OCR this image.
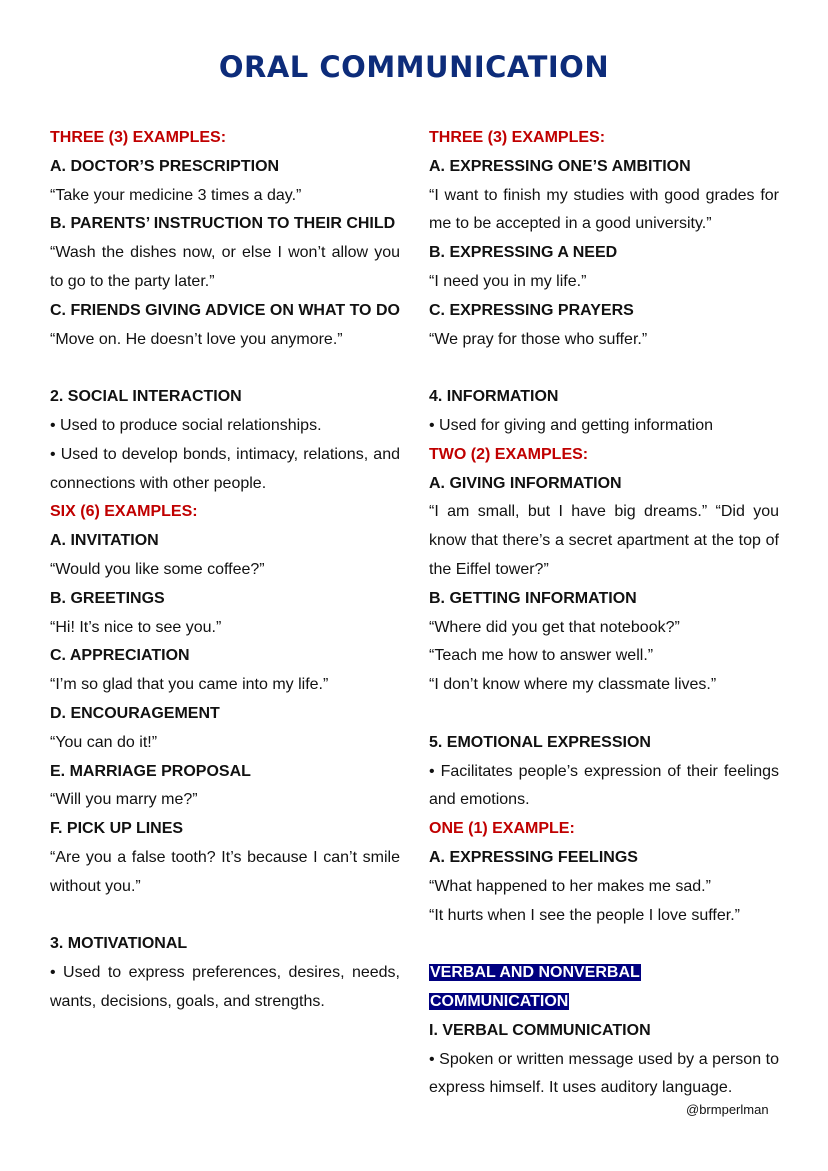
ORAL COMMUNICATION

THREE (3) EXAMPLES:

A. DOCTOR’S PRESCRIPTION

“Take your medicine 3 times a day.”

B. PARENTS’ INSTRUCTION TO THEIR CHILD

“Wash the dishes now, or else I won’t allow you to go to the party later.”

C. FRIENDS GIVING ADVICE ON WHAT TO DO

“Move on. He doesn’t love you anymore.”

2. SOCIAL INTERACTION

• Used to produce social relationships.

• Used to develop bonds, intimacy, relations, and connections with other people.

SIX (6) EXAMPLES:

A. INVITATION

“Would you like some coffee?”

B. GREETINGS

“Hi! It’s nice to see you.”

C. APPRECIATION

“I’m so glad that you came into my life.”

D. ENCOURAGEMENT

“You can do it!”

E. MARRIAGE PROPOSAL

“Will you marry me?”

F. PICK UP LINES

“Are you a false tooth? It’s because I can’t smile without you.”

3. MOTIVATIONAL

• Used to express preferences, desires, needs, wants, decisions, goals, and strengths.

THREE (3) EXAMPLES:

A. EXPRESSING ONE’S AMBITION

“I want to finish my studies with good grades for me to be accepted in a good university.”

B. EXPRESSING A NEED

“I need you in my life.”

C. EXPRESSING PRAYERS

“We pray for those who suffer.”

4. INFORMATION

• Used for giving and getting information

TWO (2) EXAMPLES:

A. GIVING INFORMATION

“I am small, but I have big dreams.” “Did you know that there’s a secret apartment at the top of the Eiffel tower?”

B. GETTING INFORMATION

“Where did you get that notebook?”

“Teach me how to answer well.”

“I don’t know where my classmate lives.”

5. EMOTIONAL EXPRESSION

• Facilitates people’s expression of their feelings and emotions.

ONE (1) EXAMPLE:

A. EXPRESSING FEELINGS

“What happened to her makes me sad.”

“It hurts when I see the people I love suffer.”

VERBAL AND NONVERBAL

COMMUNICATION

I. VERBAL COMMUNICATION

• Spoken or written message used by a person to express himself. It uses auditory language.

@brmperlman
